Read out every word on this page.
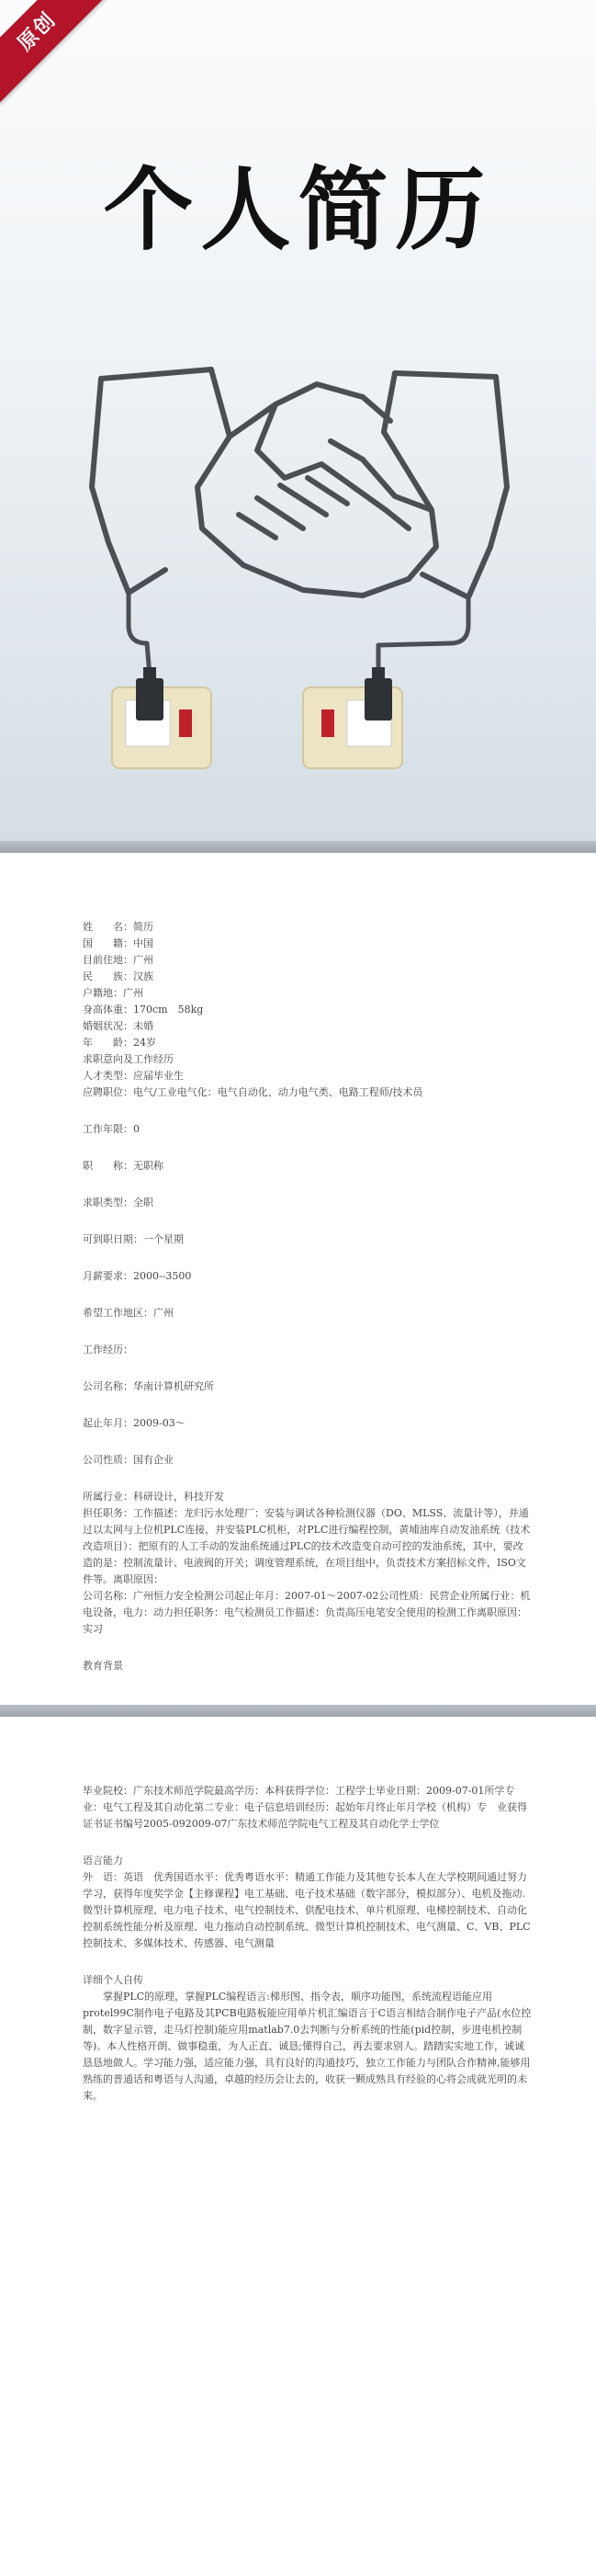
原创
个人简历

姓　　名：简历

国　　籍：中国

目前住地：广州

民　　族：汉族

户籍地：广州

身高体重：170cm　58kg

婚姻状况：未婚

年　　龄：24岁

求职意向及工作经历

人才类型：应届毕业生

应聘职位：电气/工业电气化：电气自动化、动力电气类、电路工程师/技术员

工作年限：0

职　　称：无职称

求职类型：全职

可到职日期：一个星期

月薪要求：2000--3500

希望工作地区：广州

工作经历：

公司名称：华南计算机研究所

起止年月：2009-03～

公司性质：国有企业

所属行业：科研设计，科技开发

担任职务：工作描述：龙归污水处理厂：安装与调试各种检测仪器（DO、MLSS、流量计等），并通过以太网与上位机PLC连接，并安装PLC机柜，对PLC进行编程控制，黄埔油库自动发油系统（技术改造项目）：把原有的人工手动的发油系统通过PLC的技术改造变自动可控的发油系统，其中，要改造的是：控制流量计、电液阀的开关；调度管理系统，在项目组中，负责技术方案招标文件，ISO文件等。离职原因：

公司名称：广州恒力安全检测公司起止年月：2007-01～2007-02公司性质：民营企业所属行业：机电设备，电力：动力担任职务：电气检测员工作描述：负责高压电笔安全使用的检测工作离职原因：实习

教育背景

毕业院校：广东技术师范学院最高学历：本科获得学位：工程学士毕业日期：2009-07-01所学专业：电气工程及其自动化第二专业：电子信息培训经历：起始年月终止年月学校（机构）专　业获得证书证书编号2005-092009-07广东技术师范学院电气工程及其自动化学士学位

语言能力

外　语：英语　优秀国语水平：优秀粤语水平：精通工作能力及其他专长本人在大学校期间通过努力学习，获得年度奖学金【主修课程】电工基础、电子技术基础（数字部分，模拟部分）、电机及拖动.微型计算机原理、电力电子技术、电气控制技术、供配电技术、单片机原理、电梯控制技术、自动化控制系统性能分析及原理、电力拖动自动控制系统、微型计算机控制技术、电气测量、C、VB、PLC控制技术、多媒体技术、传感器、电气测量

详细个人自传

掌握PLC的原理，掌握PLC编程语言:梯形图、指令表，顺序功能图，系统流程语能应用protel99C制作电子电路及其PCB电路板能应用单片机汇编语言于C语言相结合制作电子产品(水位控制，数字显示管，走马灯控制)能应用matlab7.0去判断与分析系统的性能(pid控制，步进电机控制等)。本人性格开朗、做事稳重，为人正直、诚恳;懂得自己，再去要求别人。踏踏实实地工作，诚诚恳恳地做人。学习能力强，适应能力强，具有良好的沟通技巧，独立工作能力与团队合作精神,能够用熟练的普通话和粤语与人沟通，卓越的经历会让去的，收获一颗成熟具有经验的心将会成就光明的未来。
